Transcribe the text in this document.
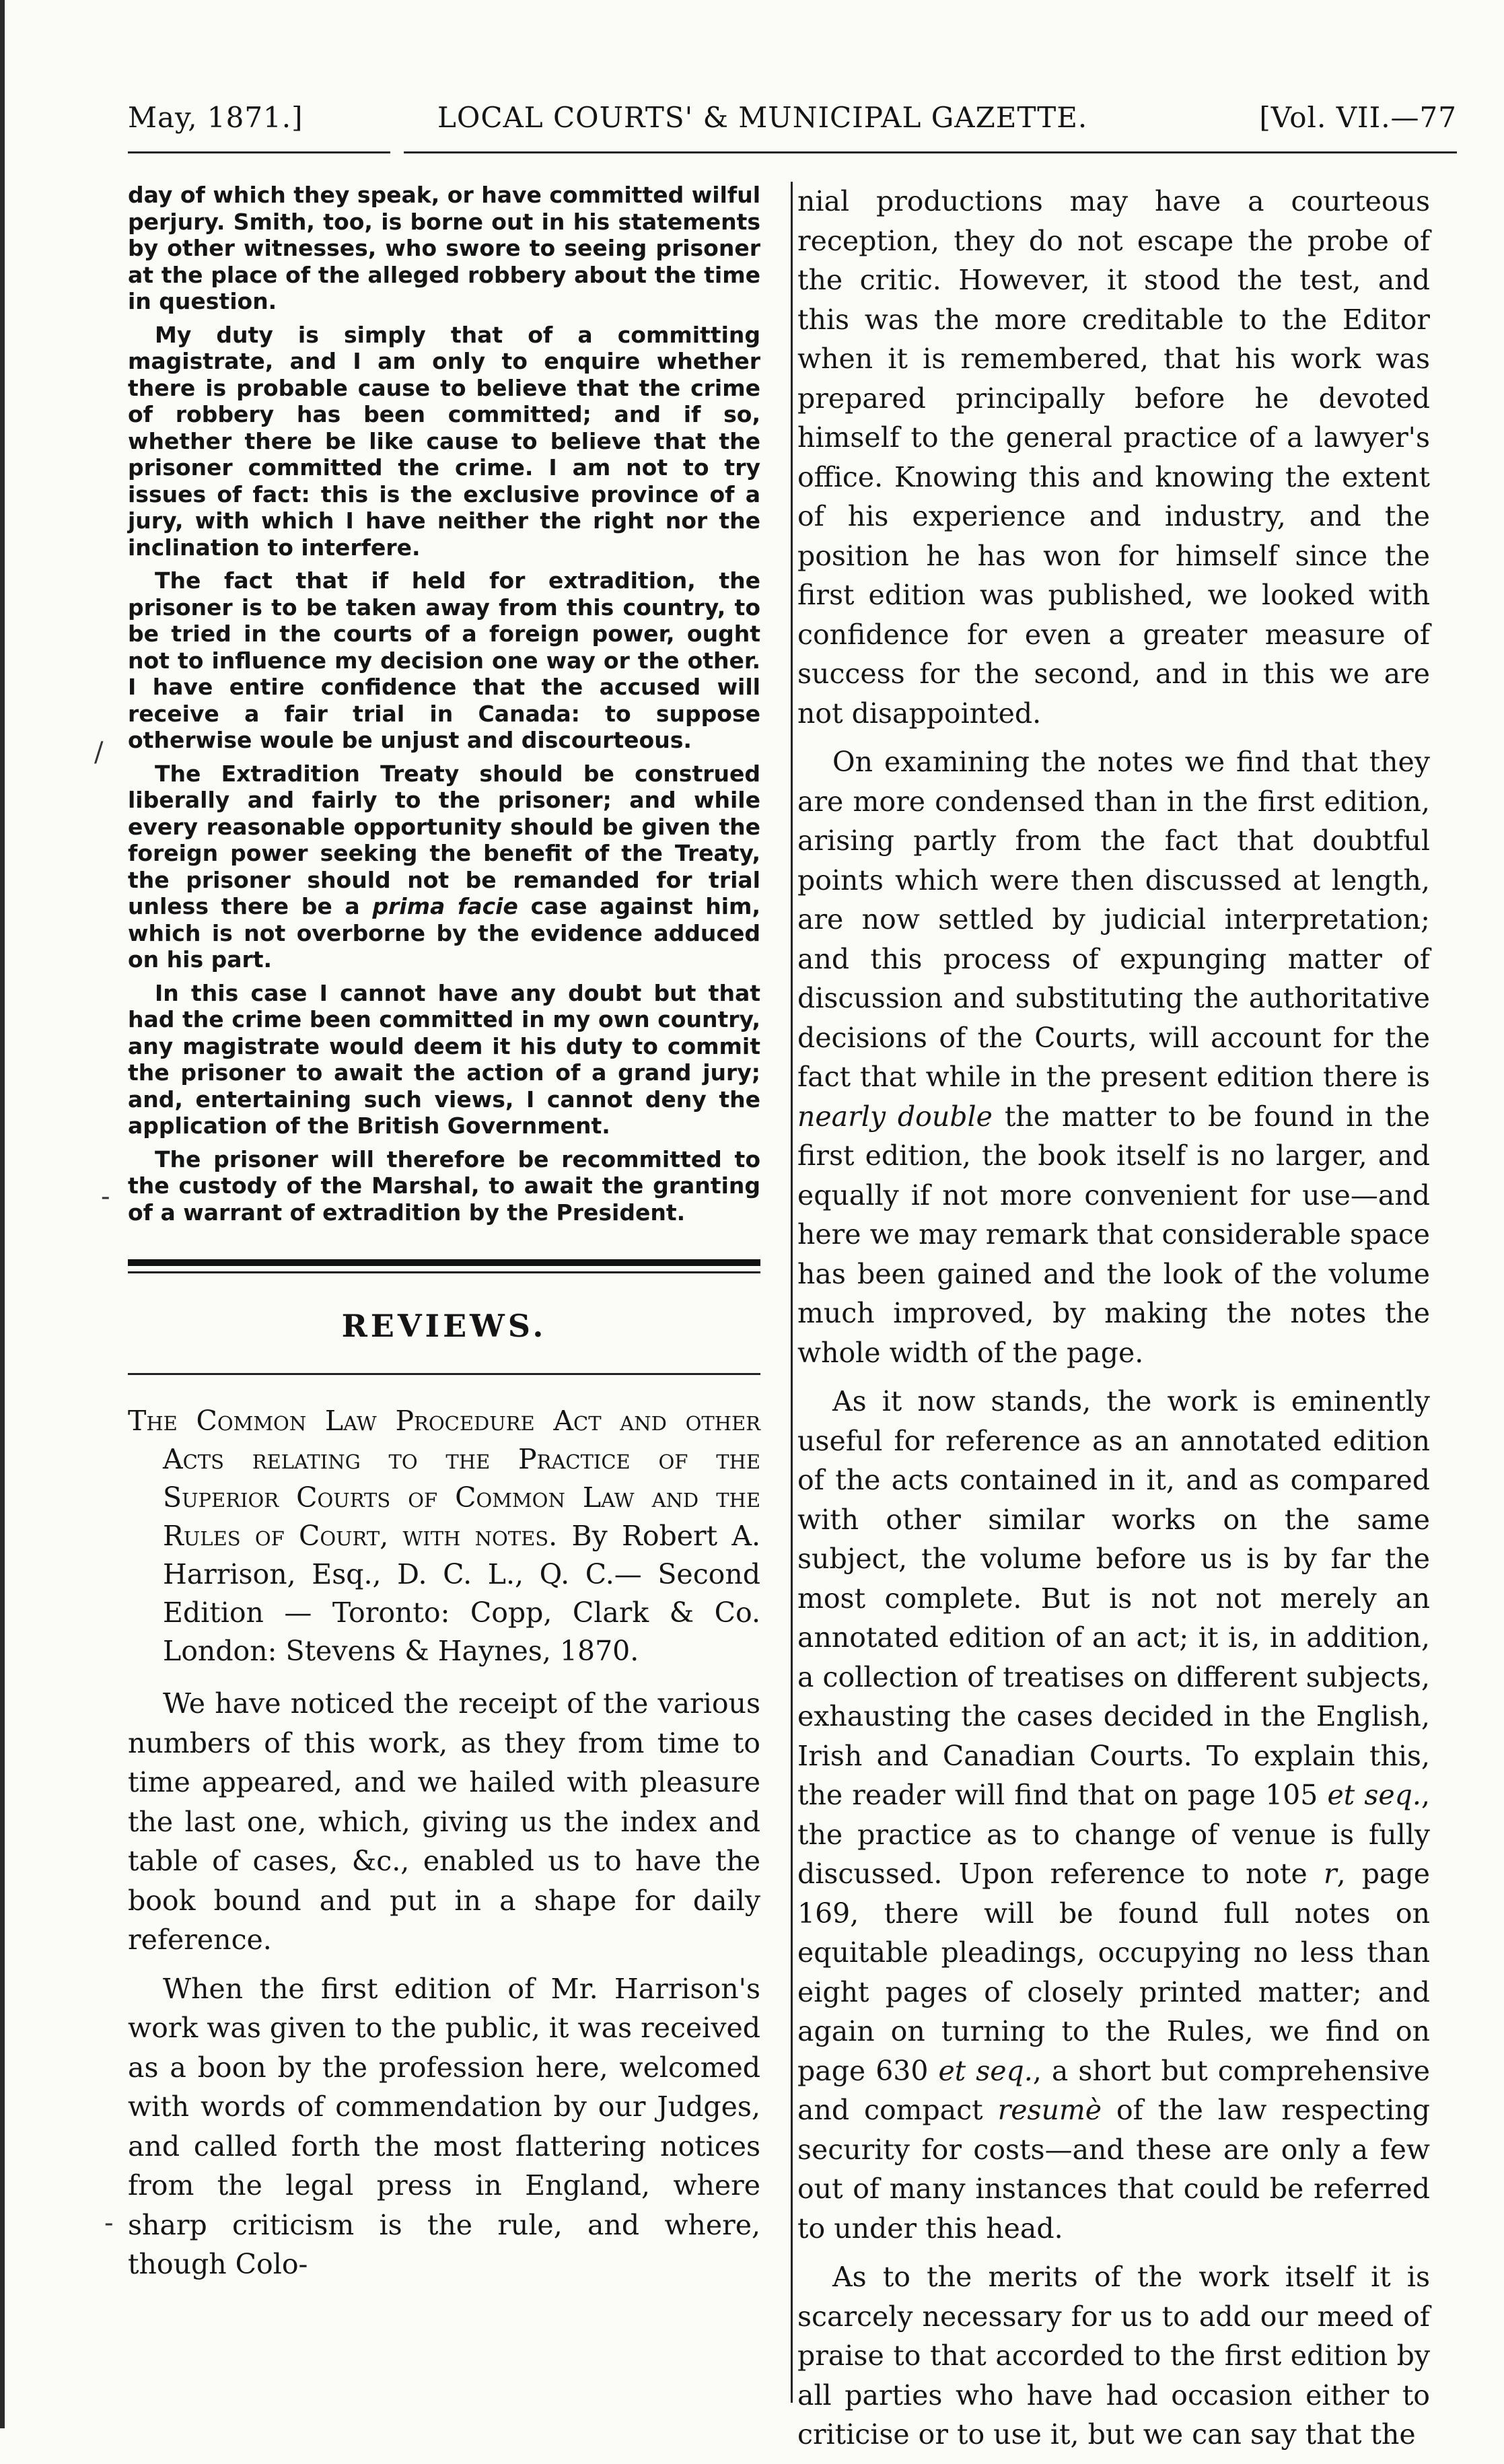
May, 1871.]	LOCAL COURTS' & MUNICIPAL GAZETTE.	[Vol. VII.—77
/
-
-

day of which they speak, or have committed wilful perjury. Smith, too, is borne out in his statements by other witnesses, who swore to seeing prisoner at the place of the alleged robbery about the time in question.

My duty is simply that of a committing magistrate, and I am only to enquire whether there is probable cause to believe that the crime of robbery has been committed; and if so, whether there be like cause to believe that the prisoner committed the crime. I am not to try issues of fact: this is the exclusive province of a jury, with which I have neither the right nor the inclination to interfere.

The fact that if held for extradition, the prisoner is to be taken away from this country, to be tried in the courts of a foreign power, ought not to influence my decision one way or the other. I have entire confidence that the accused will receive a fair trial in Canada: to suppose otherwise woule be unjust and discourteous.

The Extradition Treaty should be construed liberally and fairly to the prisoner; and while every reasonable opportunity should be given the foreign power seeking the benefit of the Treaty, the prisoner should not be remanded for trial unless there be a prima facie case against him, which is not overborne by the evidence adduced on his part.

In this case I cannot have any doubt but that had the crime been committed in my own country, any magistrate would deem it his duty to commit the prisoner to await the action of a grand jury; and, entertaining such views, I cannot deny the application of the British Government.

The prisoner will therefore be recommitted to the custody of the Marshal, to await the granting of a warrant of extradition by the President.

REVIEWS.

The Common Law Procedure Act and other Acts relating to the Practice of the Superior Courts of Common Law and the Rules of Court, with notes. By Robert A. Harrison, Esq., D. C. L., Q. C.— Second Edition — Toronto: Copp, Clark & Co. London: Stevens & Haynes, 1870.

We have noticed the receipt of the various numbers of this work, as they from time to time appeared, and we hailed with pleasure the last one, which, giving us the index and table of cases, &c., enabled us to have the book bound and put in a shape for daily reference.

When the first edition of Mr. Harrison's work was given to the public, it was received as a boon by the profession here, welcomed with words of commendation by our Judges, and called forth the most flattering notices from the legal press in England, where sharp criticism is the rule, and where, though Colo-

nial productions may have a courteous reception, they do not escape the probe of the critic. However, it stood the test, and this was the more creditable to the Editor when it is remembered, that his work was prepared principally before he devoted himself to the general practice of a lawyer's office. Knowing this and knowing the extent of his experience and industry, and the position he has won for himself since the first edition was published, we looked with confidence for even a greater measure of success for the second, and in this we are not disappointed.

On examining the notes we find that they are more condensed than in the first edition, arising partly from the fact that doubtful points which were then discussed at length, are now settled by judicial interpretation; and this process of expunging matter of discussion and substituting the authoritative decisions of the Courts, will account for the fact that while in the present edition there is nearly double the matter to be found in the first edition, the book itself is no larger, and equally if not more convenient for use—and here we may remark that considerable space has been gained and the look of the volume much improved, by making the notes the whole width of the page.

As it now stands, the work is eminently useful for reference as an annotated edition of the acts contained in it, and as compared with other similar works on the same subject, the volume before us is by far the most complete. But is not not merely an annotated edition of an act; it is, in addition, a collection of treatises on different subjects, exhausting the cases decided in the English, Irish and Canadian Courts. To explain this, the reader will find that on page 105 et seq., the practice as to change of venue is fully discussed. Upon reference to note r, page 169, there will be found full notes on equitable pleadings, occupying no less than eight pages of closely printed matter; and again on turning to the Rules, we find on page 630 et seq., a short but comprehensive and compact resumè of the law respecting security for costs—and these are only a few out of many instances that could be referred to under this head.

As to the merits of the work itself it is scarcely necessary for us to add our meed of praise to that accorded to the first edition by all parties who have had occasion either to criticise or to use it, but we can say that the
